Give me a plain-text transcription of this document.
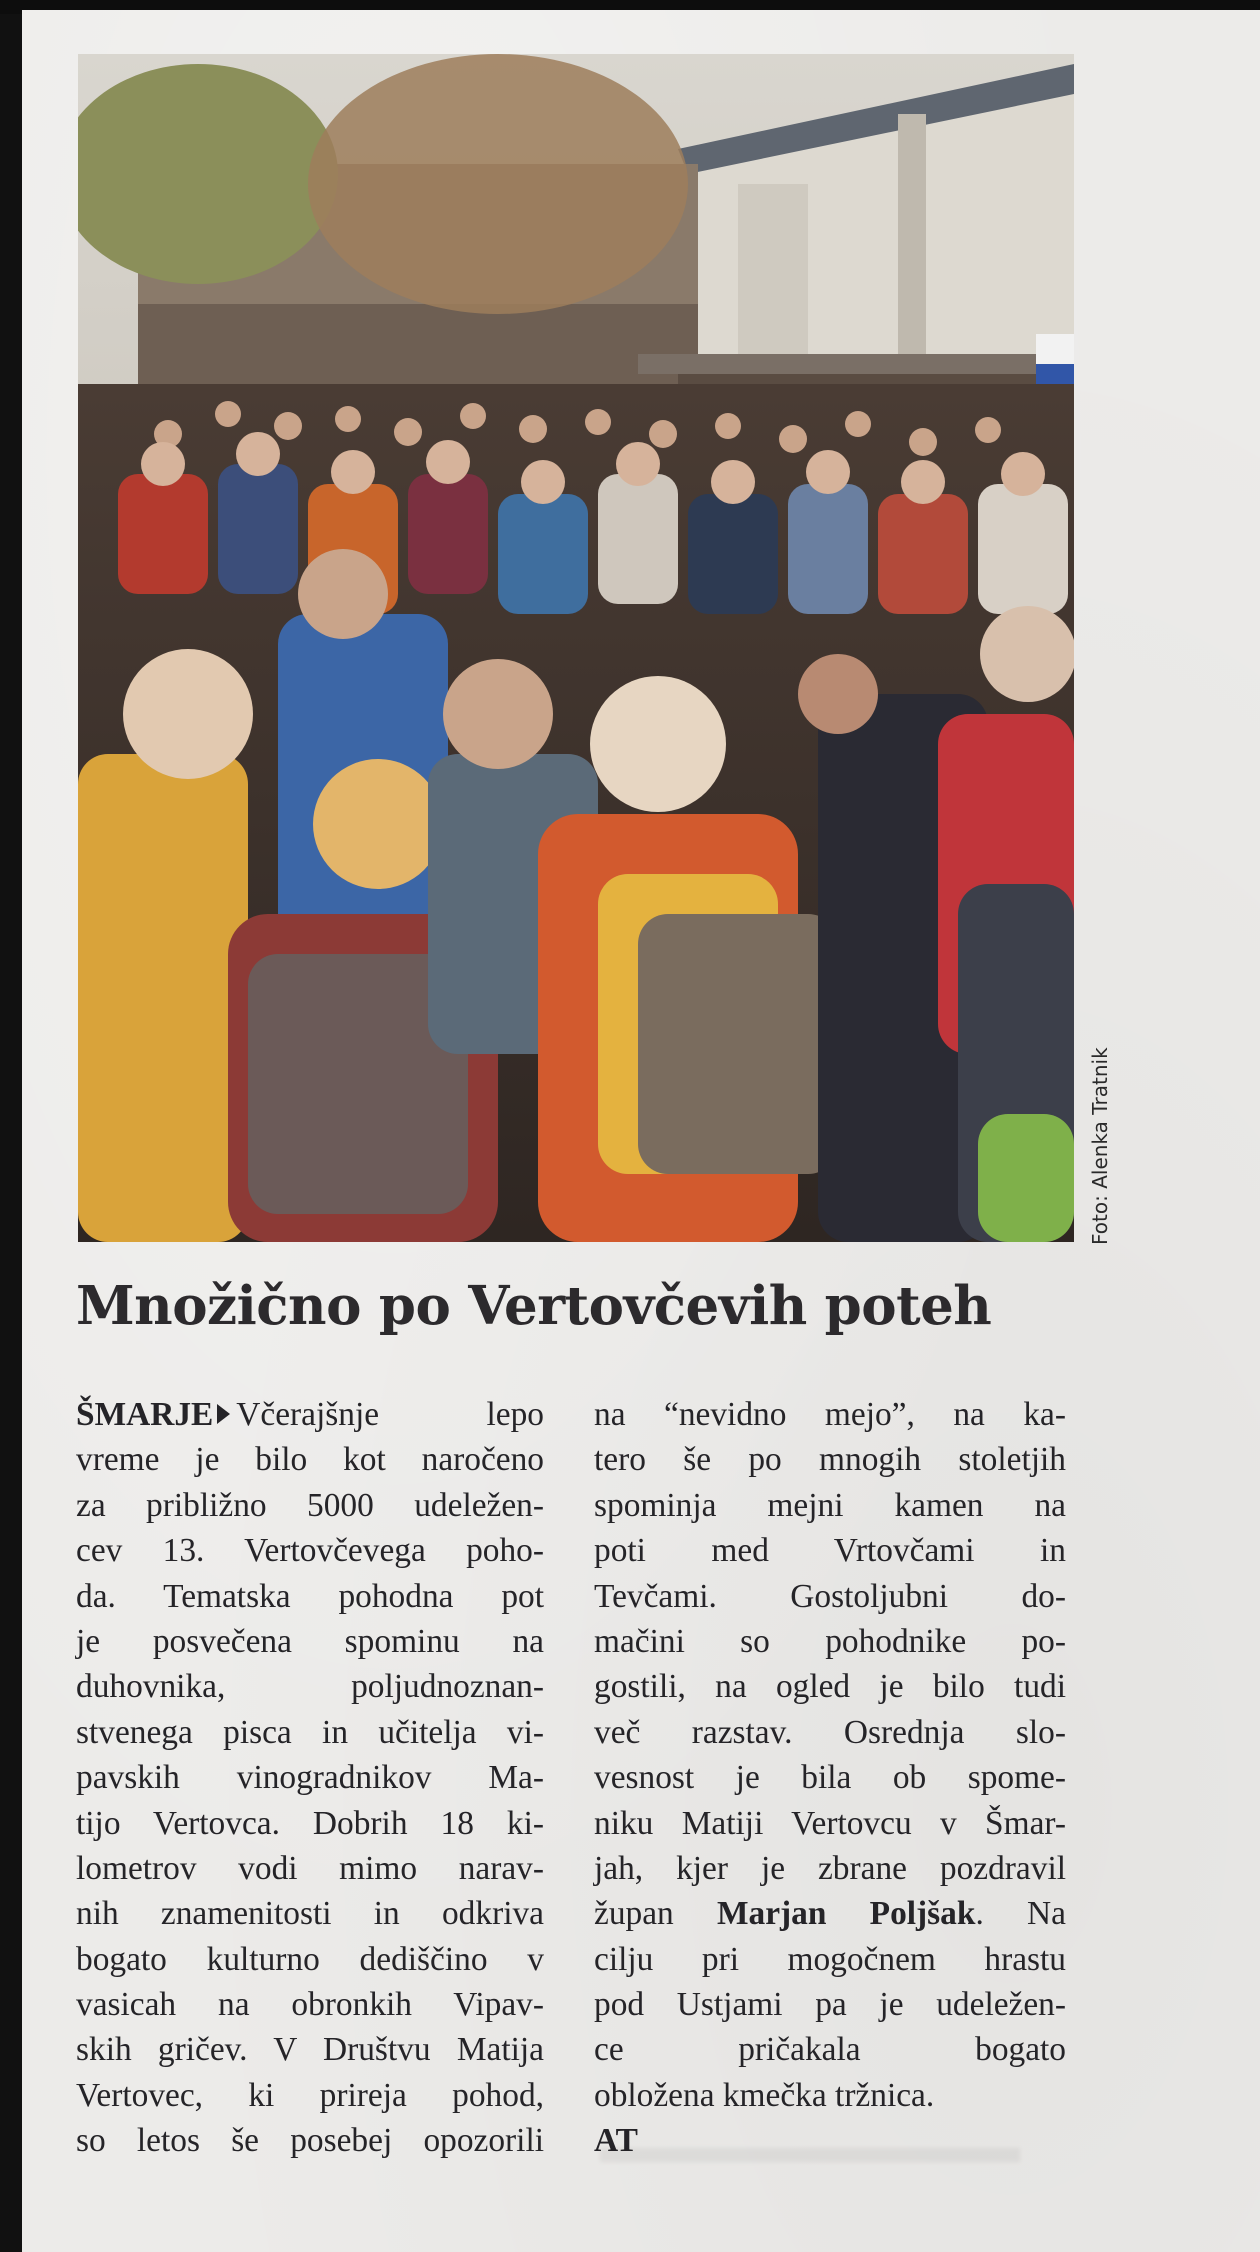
Foto: Alenka Tratnik
Množično po Vertovčevih poteh
ŠMARJE Včerajšnje lepo
vreme je bilo kot naročeno
za približno 5000 udeležen-
cev 13. Vertovčevega poho-
da. Tematska pohodna pot
je posvečena spominu na
duhovnika, poljudnoznan-
stvenega pisca in učitelja vi-
pavskih vinogradnikov Ma-
tijo Vertovca. Dobrih 18 ki-
lometrov vodi mimo narav-
nih znamenitosti in odkriva
bogato kulturno dediščino v
vasicah na obronkih Vipav-
skih gričev. V Društvu Matija
Vertovec, ki prireja pohod,
so letos še posebej opozorili
na “nevidno mejo”, na ka-
tero še po mnogih stoletjih
spominja mejni kamen na
poti med Vrtovčami in
Tevčami. Gostoljubni do-
mačini so pohodnike po-
gostili, na ogled je bilo tudi
več razstav. Osrednja slo-
vesnost je bila ob spome-
niku Matiji Vertovcu v Šmar-
jah, kjer je zbrane pozdravil
župan Marjan Poljšak. Na
cilju pri mogočnem hrastu
pod Ustjami pa je udeležen-
ce pričakala bogato
obložena kmečka tržnica.
AT
